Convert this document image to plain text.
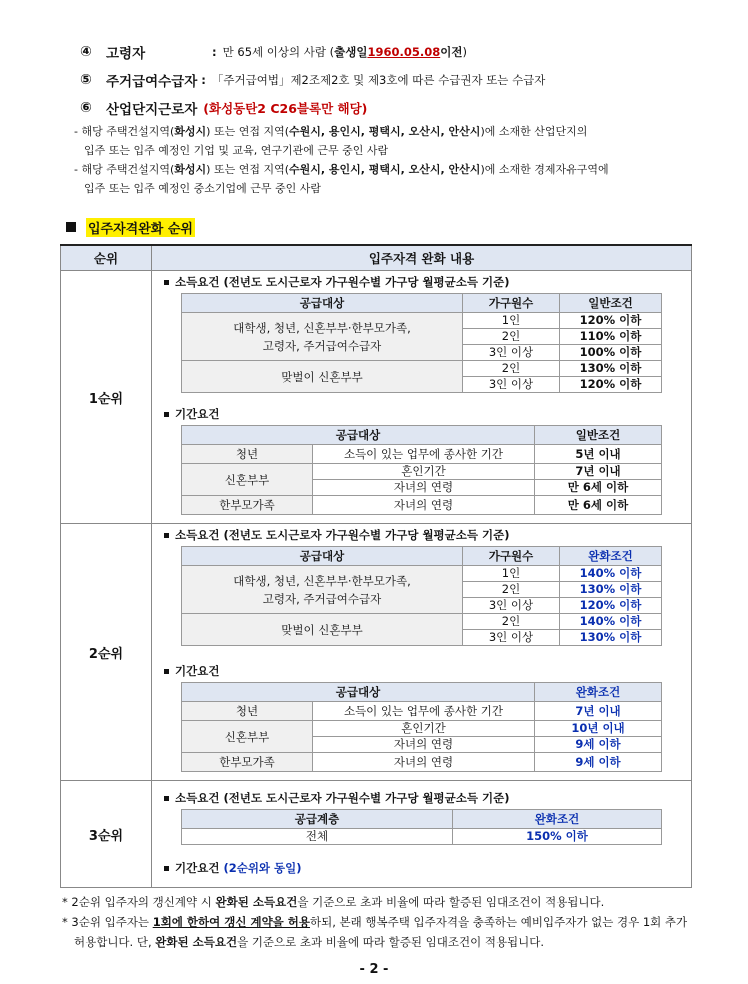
④	고령자	: 만 65세 이상의 사람 ( 출생일 1960.05.08 이전 )
⑤	주거급여수급자 : 「주거급여법」제2조제2호 및 제3호에 따른 수급권자 또는 수급자
⑥	산업단지근로자 (화성동탄2 C26블록만 해당)
- 해당 주택건설지역(화성시) 또는 연접 지역(수원시, 용인시, 평택시, 오산시, 안산시)에 소재한 산업단지의
입주 또는 입주 예정인 기업 및 교육, 연구기관에 근무 중인 사람
- 해당 주택건설지역(화성시) 또는 연접 지역(수원시, 용인시, 평택시, 오산시, 안산시)에 소재한 경제자유구역에
입주 또는 입주 예정인 중소기업에 근무 중인 사람
입주자격완화 순위
순위	입주자격 완화 내용
1순위	
소득요건 (전년도 도시근로자 가구원수별 가구당 월평균소득 기준)
공급대상	가구원수	일반조건
대학생, 청년, 신혼부부·한부모가족,
고령자, 주거급여수급자	1인	120% 이하
2인	110% 이하
3인 이상	100% 이하
맞벌이 신혼부부	2인	130% 이하
3인 이상	120% 이하
기간요건
공급대상	일반조건
청년	소득이 있는 업무에 종사한 기간	5년 이내
신혼부부	혼인기간	7년 이내
자녀의 연령	만 6세 이하
한부모가족	자녀의 연령	만 6세 이하

2순위	
소득요건 (전년도 도시근로자 가구원수별 가구당 월평균소득 기준)
공급대상	가구원수	완화조건
대학생, 청년, 신혼부부·한부모가족,
고령자, 주거급여수급자	1인	140% 이하
2인	130% 이하
3인 이상	120% 이하
맞벌이 신혼부부	2인	140% 이하
3인 이상	130% 이하
기간요건
공급대상	완화조건
청년	소득이 있는 업무에 종사한 기간	7년 이내
신혼부부	혼인기간	10년 이내
자녀의 연령	9세 이하
한부모가족	자녀의 연령	9세 이하

3순위	
소득요건 (전년도 도시근로자 가구원수별 가구당 월평균소득 기준)
공급계층	완화조건
전체	150% 이하
기간요건 (2순위와 동일)
* 2순위 입주자의 갱신계약 시 완화된 소득요건을 기준으로 초과 비율에 따라 할증된 임대조건이 적용됩니다.
* 3순위 입주자는 1회에 한하여 갱신 계약을 허용하되, 본래 행복주택 입주자격을 충족하는 예비입주자가 없는 경우 1회 추가 허용합니다. 단, 완화된 소득요건을 기준으로 초과 비율에 따라 할증된 임대조건이 적용됩니다.
- 2 -
